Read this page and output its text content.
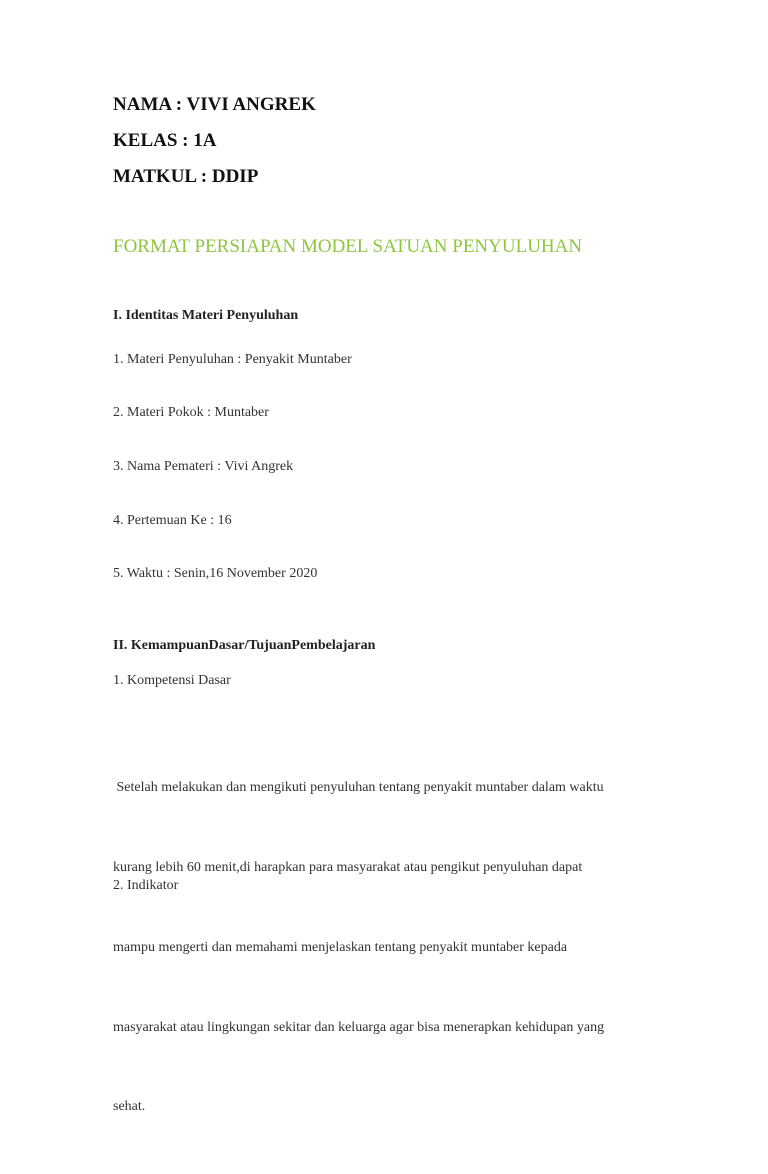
NAMA : VIVI ANGREK
KELAS : 1A
MATKUL : DDIP
FORMAT PERSIAPAN MODEL SATUAN PENYULUHAN
I. Identitas Materi Penyuluhan
1. Materi Penyuluhan : Penyakit Muntaber
2. Materi Pokok : Muntaber
3. Nama Pemateri : Vivi Angrek
4. Pertemuan Ke : 16
5. Waktu : Senin,16 November 2020
II. KemampuanDasar/TujuanPembelajaran
1. Kompetensi Dasar

Setelah melakukan dan mengikuti penyuluhan tentang penyakit muntaber dalam waktu

kurang lebih 60 menit,di harapkan para masyarakat atau pengikut penyuluhan dapat

mampu mengerti dan memahami menjelaskan tentang penyakit muntaber kepada

masyarakat atau lingkungan sekitar dan keluarga agar bisa menerapkan kehidupan yang

sehat.

2. Indikator
